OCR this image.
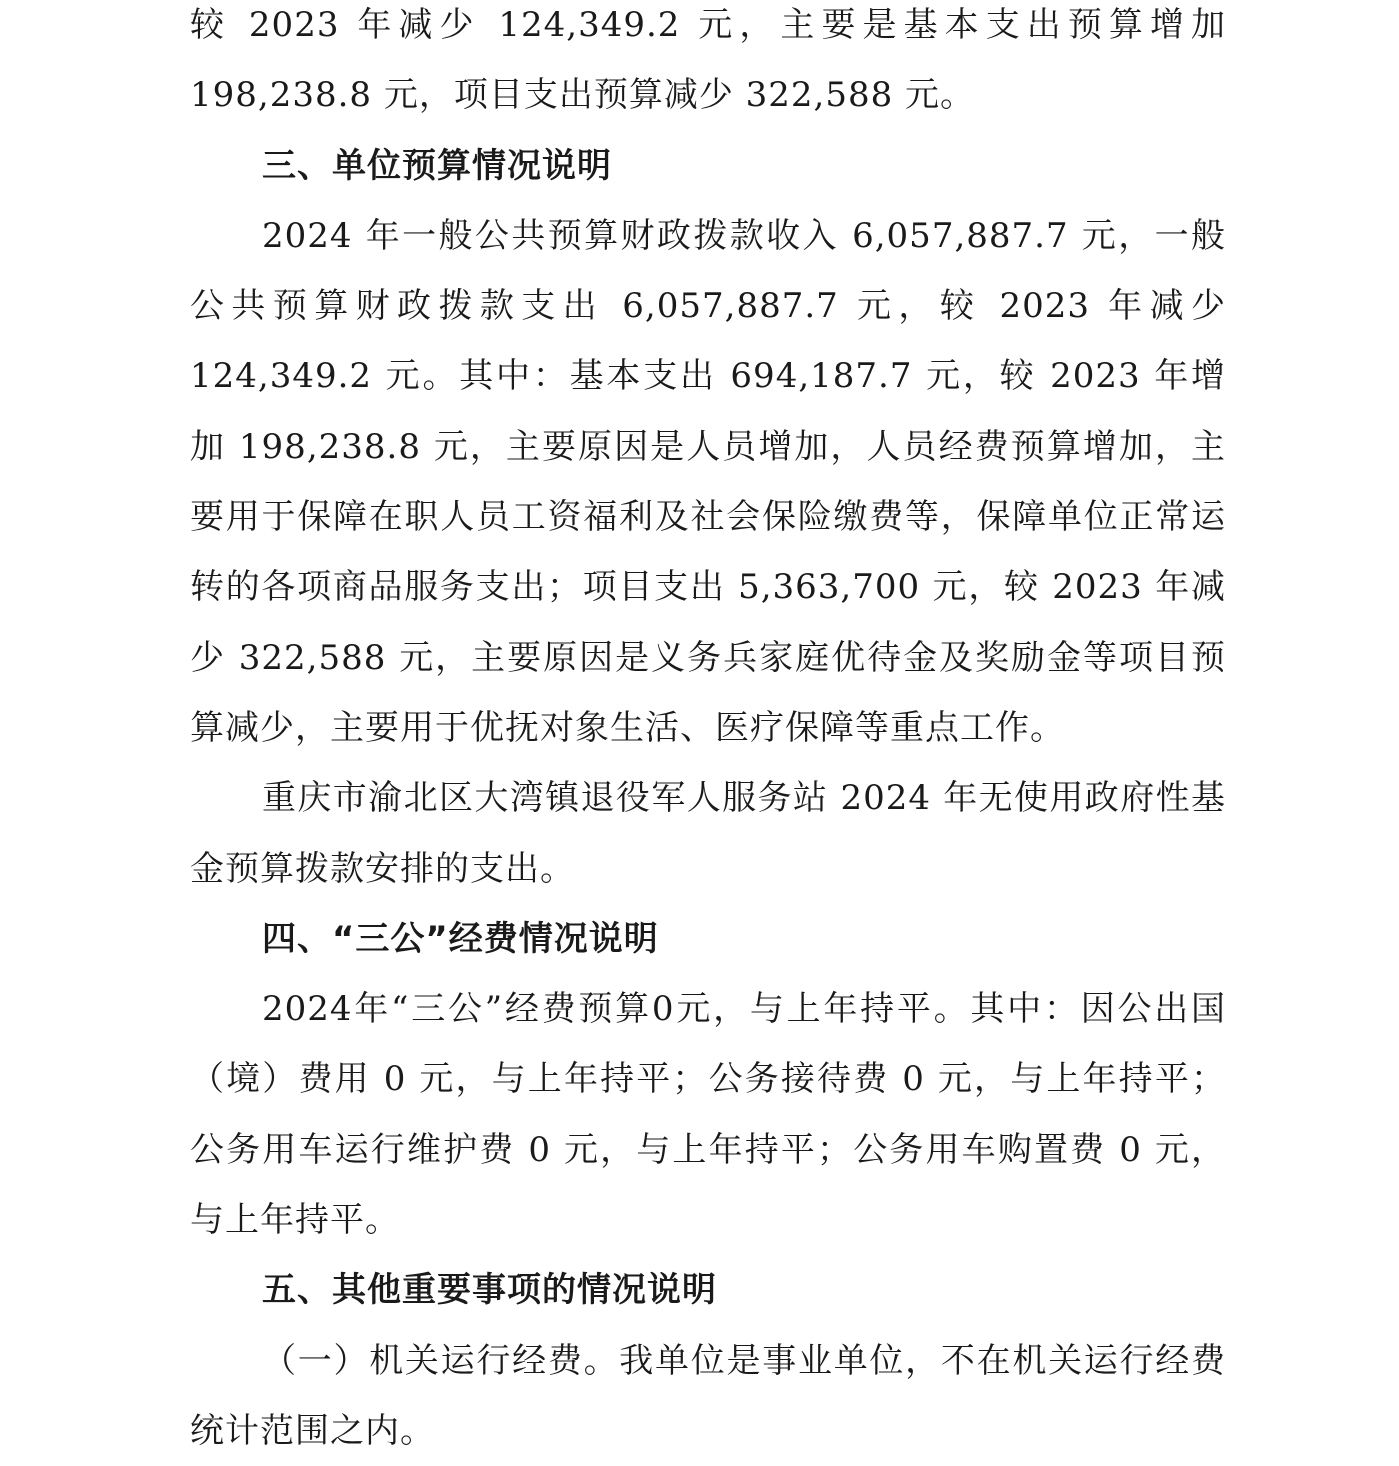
较 2023 年减少 124,349.2 元，主要是基本支出预算增加 198,238.8 元，项目支出预算减少 322,588 元。

三、单位预算情况说明

2024 年一般公共预算财政拨款收入 6,057,887.7 元，一般公共预算财政拨款支出 6,057,887.7 元，较 2023 年减少 124,349.2 元。其中：基本支出 694,187.7 元，较 2023 年增加 198,238.8 元，主要原因是人员增加，人员经费预算增加，主要用于保障在职人员工资福利及社会保险缴费等，保障单位正常运转的各项商品服务支出；项目支出 5,363,700 元，较 2023 年减少 322,588 元，主要原因是义务兵家庭优待金及奖励金等项目预算减少，主要用于优抚对象生活、医疗保障等重点工作。

重庆市渝北区大湾镇退役军人服务站 2024 年无使用政府性基金预算拨款安排的支出。

四、“三公”经费情况说明

2024年“三公”经费预算0元，与上年持平。其中：因公出国（境）费用 0 元，与上年持平；公务接待费 0 元，与上年持平；公务用车运行维护费 0 元，与上年持平；公务用车购置费 0 元，与上年持平。

五、其他重要事项的情况说明

（一）机关运行经费。我单位是事业单位，不在机关运行经费统计范围之内。
